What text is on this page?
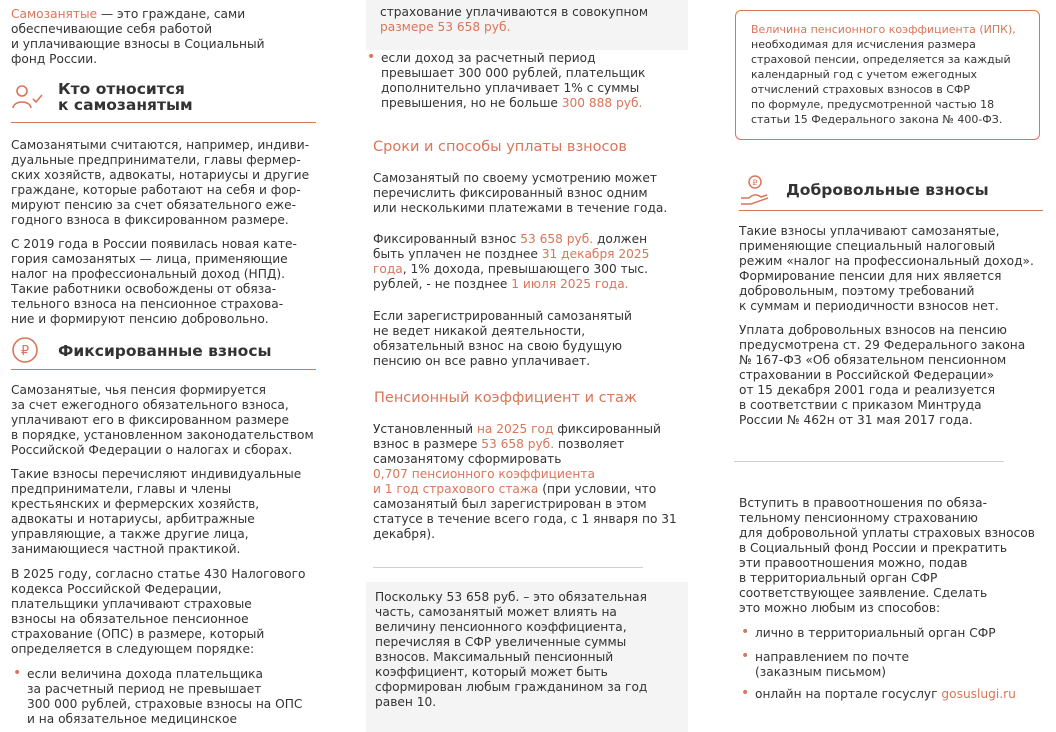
Самозанятые — это граждане, сами
обеспечивающие себя работой
и уплачивающие взносы в Социальный
фонд России.

Кто относится
к самозанятым

Самозанятыми считаются, например, индиви-
дуальные предприниматели, главы фермер-
ских хозяйств, адвокаты, нотариусы и другие
граждане, которые работают на себя и фор-
мируют пенсию за счет обязательного еже-
годного взноса в фиксированном размере.

С 2019 года в России появилась новая кате-
гория самозанятых — лица, применяющие
налог на профессиональный доход (НПД).
Такие работники освобождены от обяза-
тельного взноса на пенсионное страхова-
ние и формируют пенсию добровольно.

₽ Фиксированные взносы

Самозанятые, чья пенсия формируется
за счет ежегодного обязательного взноса,
уплачивают его в фиксированном размере
в порядке, установленном законодательством
Российской Федерации о налогах и сборах.

Такие взносы перечисляют индивидуальные
предприниматели, главы и члены
крестьянских и фермерских хозяйств,
адвокаты и нотариусы, арбитражные
управляющие, а также другие лица,
занимающиеся частной практикой.

В 2025 году, согласно статье 430 Налогового
кодекса Российской Федерации,
плательщики уплачивают страховые
взносы на обязательное пенсионное
страхование (ОПС) в размере, который
определяется в следующем порядке:

• если величина дохода плательщика
за расчетный период не превышает
300 000 рублей, страховые взносы на ОПС
и на обязательное медицинское

страхование уплачиваются в совокупном
размере 53 658 руб.

• если доход за расчетный период
превышает 300 000 рублей, плательщик
дополнительно уплачивает 1% с суммы
превышения, но не больше 300 888 руб.

Сроки и способы уплаты взносов

Самозанятый по своему усмотрению может
перечислить фиксированный взнос одним
или несколькими платежами в течение года.

Фиксированный взнос 53 658 руб. должен
быть уплачен не позднее 31 декабря 2025
года, 1% дохода, превышающего 300 тыс.
рублей, - не позднее 1 июля 2025 года.

Если зарегистрированный самозанятый
не ведет никакой деятельности,
обязательный взнос на свою будущую
пенсию он все равно уплачивает.

Пенсионный коэффициент и стаж

Установленный на 2025 год фиксированный
взнос в размере 53 658 руб. позволяет
самозанятому сформировать
0,707 пенсионного коэффициента
и 1 год страхового стажа (при условии, что
самозанятый был зарегистрирован в этом
статусе в течение всего года, с 1 января по 31
декабря).

Поскольку 53 658 руб. – это обязательная
часть, самозанятый может влиять на
величину пенсионного коэффициента,
перечисляя в СФР увеличенные суммы
взносов. Максимальный пенсионный
коэффициент, который может быть
сформирован любым гражданином за год
равен 10.

Величина пенсионного коэффициента (ИПК),
необходимая для исчисления размера
страховой пенсии, определяется за каждый
календарный год с учетом ежегодных
отчислений страховых взносов в СФР
по формуле, предусмотренной частью 18
статьи 15 Федерального закона № 400-ФЗ.

₽ Добровольные взносы

Такие взносы уплачивают самозанятые,
применяющие специальный налоговый
режим «налог на профессиональный доход».
Формирование пенсии для них является
добровольным, поэтому требований
к суммам и периодичности взносов нет.

Уплата добровольных взносов на пенсию
предусмотрена ст. 29 Федерального закона
№ 167-ФЗ «Об обязательном пенсионном
страховании в Российской Федерации»
от 15 декабря 2001 года и реализуется
в соответствии с приказом Минтруда
России № 462н от 31 мая 2017 года.

Вступить в правоотношения по обяза-
тельному пенсионному страхованию
для добровольной уплаты страховых взносов
в Социальный фонд России и прекратить
эти правоотношения можно, подав
в территориальный орган СФР
соответствующее заявление. Сделать
это можно любым из способов:

• лично в территориальный орган СФР

• направлением по почте
(заказным письмом)

• онлайн на портале госуслуг gosuslugi.ru
